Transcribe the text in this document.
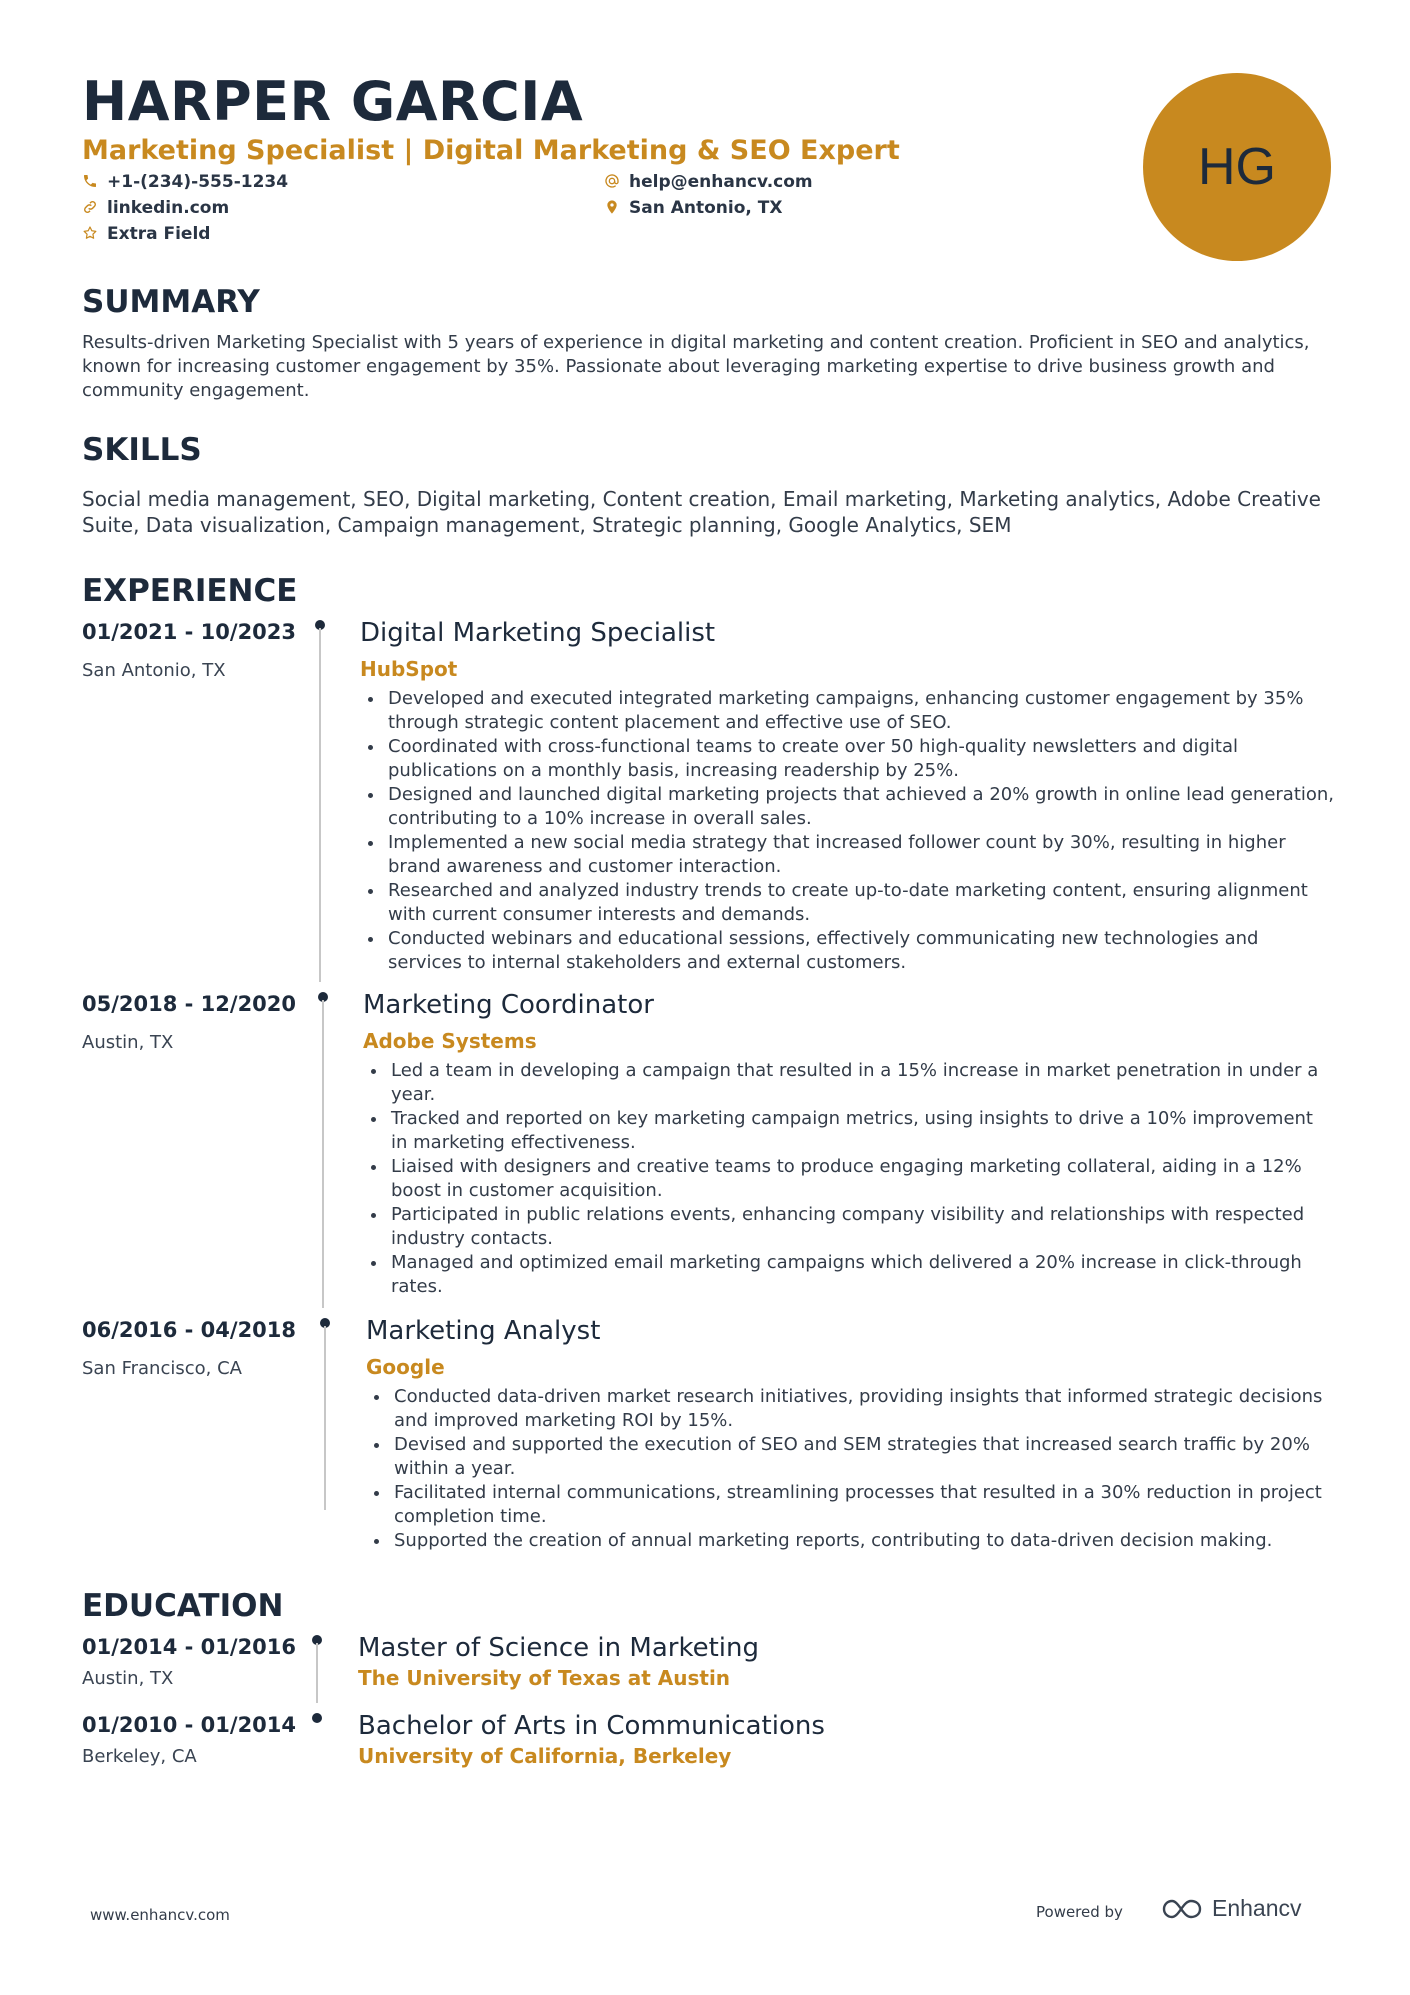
HARPER GARCIA
Marketing Specialist | Digital Marketing & SEO Expert
+1-(234)-555-1234	help@enhancv.com
linkedin.com	San Antonio, TX
Extra Field
HG
SUMMARY

Results-driven Marketing Specialist with 5 years of experience in digital marketing and content creation. Proficient in SEO and analytics, known for increasing customer engagement by 35%. Passionate about leveraging marketing expertise to drive business growth and community engagement.

SKILLS

Social media management, SEO, Digital marketing, Content creation, Email marketing, Marketing analytics, Adobe Creative Suite, Data visualization, Campaign management, Strategic planning, Google Analytics, SEM

EXPERIENCE
01/2021 - 10/2023
San Antonio, TX
Digital Marketing Specialist
HubSpot
Developed and executed integrated marketing campaigns, enhancing customer engagement by 35% through strategic content placement and effective use of SEO.
Coordinated with cross-functional teams to create over 50 high-quality newsletters and digital publications on a monthly basis, increasing readership by 25%.
Designed and launched digital marketing projects that achieved a 20% growth in online lead generation, contributing to a 10% increase in overall sales.
Implemented a new social media strategy that increased follower count by 30%, resulting in higher brand awareness and customer interaction.
Researched and analyzed industry trends to create up-to-date marketing content, ensuring alignment with current consumer interests and demands.
Conducted webinars and educational sessions, effectively communicating new technologies and services to internal stakeholders and external customers.
05/2018 - 12/2020
Austin, TX
Marketing Coordinator
Adobe Systems
Led a team in developing a campaign that resulted in a 15% increase in market penetration in under a year.
Tracked and reported on key marketing campaign metrics, using insights to drive a 10% improvement in marketing effectiveness.
Liaised with designers and creative teams to produce engaging marketing collateral, aiding in a 12% boost in customer acquisition.
Participated in public relations events, enhancing company visibility and relationships with respected industry contacts.
Managed and optimized email marketing campaigns which delivered a 20% increase in click-through rates.
06/2016 - 04/2018
San Francisco, CA
Marketing Analyst
Google
Conducted data-driven market research initiatives, providing insights that informed strategic decisions and improved marketing ROI by 15%.
Devised and supported the execution of SEO and SEM strategies that increased search traffic by 20% within a year.
Facilitated internal communications, streamlining processes that resulted in a 30% reduction in project completion time.
Supported the creation of annual marketing reports, contributing to data-driven decision making.
EDUCATION
01/2014 - 01/2016
Austin, TX
Master of Science in Marketing
The University of Texas at Austin
01/2010 - 01/2014
Berkeley, CA
Bachelor of Arts in Communications
University of California, Berkeley
www.enhancv.com	Powered by	Enhancv
